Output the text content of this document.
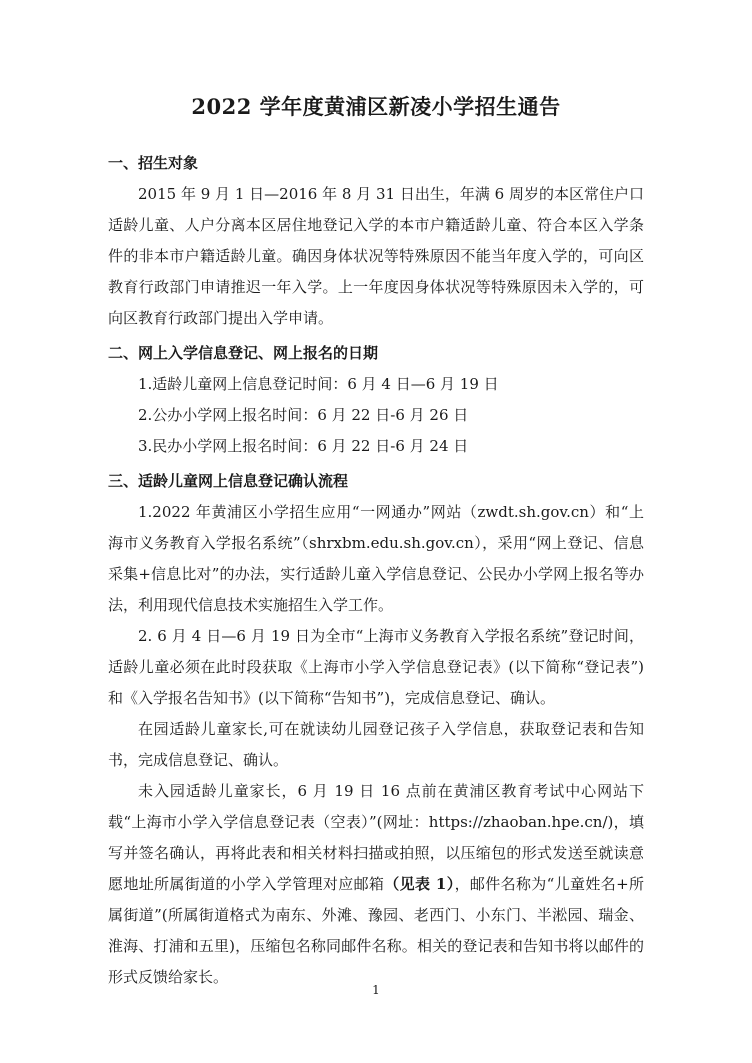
2022 学年度黄浦区新凌小学招生通告

一、招生对象

2015 年 9 月 1 日—2016 年 8 月 31 日出生，年满 6 周岁的本区常住户口适龄儿童、人户分离本区居住地登记入学的本市户籍适龄儿童、符合本区入学条件的非本市户籍适龄儿童。确因身体状况等特殊原因不能当年度入学的，可向区教育行政部门申请推迟一年入学。上一年度因身体状况等特殊原因未入学的，可向区教育行政部门提出入学申请。

二、网上入学信息登记、网上报名的日期

1.适龄儿童网上信息登记时间：6 月 4 日—6 月 19 日

2.公办小学网上报名时间：6 月 22 日-6 月 26 日

3.民办小学网上报名时间：6 月 22 日-6 月 24 日

三、适龄儿童网上信息登记确认流程

1.2022 年黄浦区小学招生应用“一网通办”网站（zwdt.sh.gov.cn）和“上海市义务教育入学报名系统”（shrxbm.edu.sh.gov.cn），采用“网上登记、信息采集+信息比对”的办法，实行适龄儿童入学信息登记、公民办小学网上报名等办法，利用现代信息技术实施招生入学工作。

2. 6 月 4 日—6 月 19 日为全市“上海市义务教育入学报名系统”登记时间，适龄儿童必须在此时段获取《上海市小学入学信息登记表》(以下简称“登记表”)和《入学报名告知书》(以下简称“告知书”)，完成信息登记、确认。

在园适龄儿童家长,可在就读幼儿园登记孩子入学信息，获取登记表和告知书，完成信息登记、确认。

未入园适龄儿童家长，6 月 19 日 16 点前在黄浦区教育考试中心网站下载“上海市小学入学信息登记表（空表）”(网址：https://zhaoban.hpe.cn/)，填写并签名确认，再将此表和相关材料扫描或拍照，以压缩包的形式发送至就读意愿地址所属街道的小学入学管理对应邮箱（见表 1），邮件名称为“儿童姓名+所属街道”(所属街道格式为南东、外滩、豫园、老西门、小东门、半淞园、瑞金、淮海、打浦和五里)，压缩包名称同邮件名称。相关的登记表和告知书将以邮件的形式反馈给家长。

1
